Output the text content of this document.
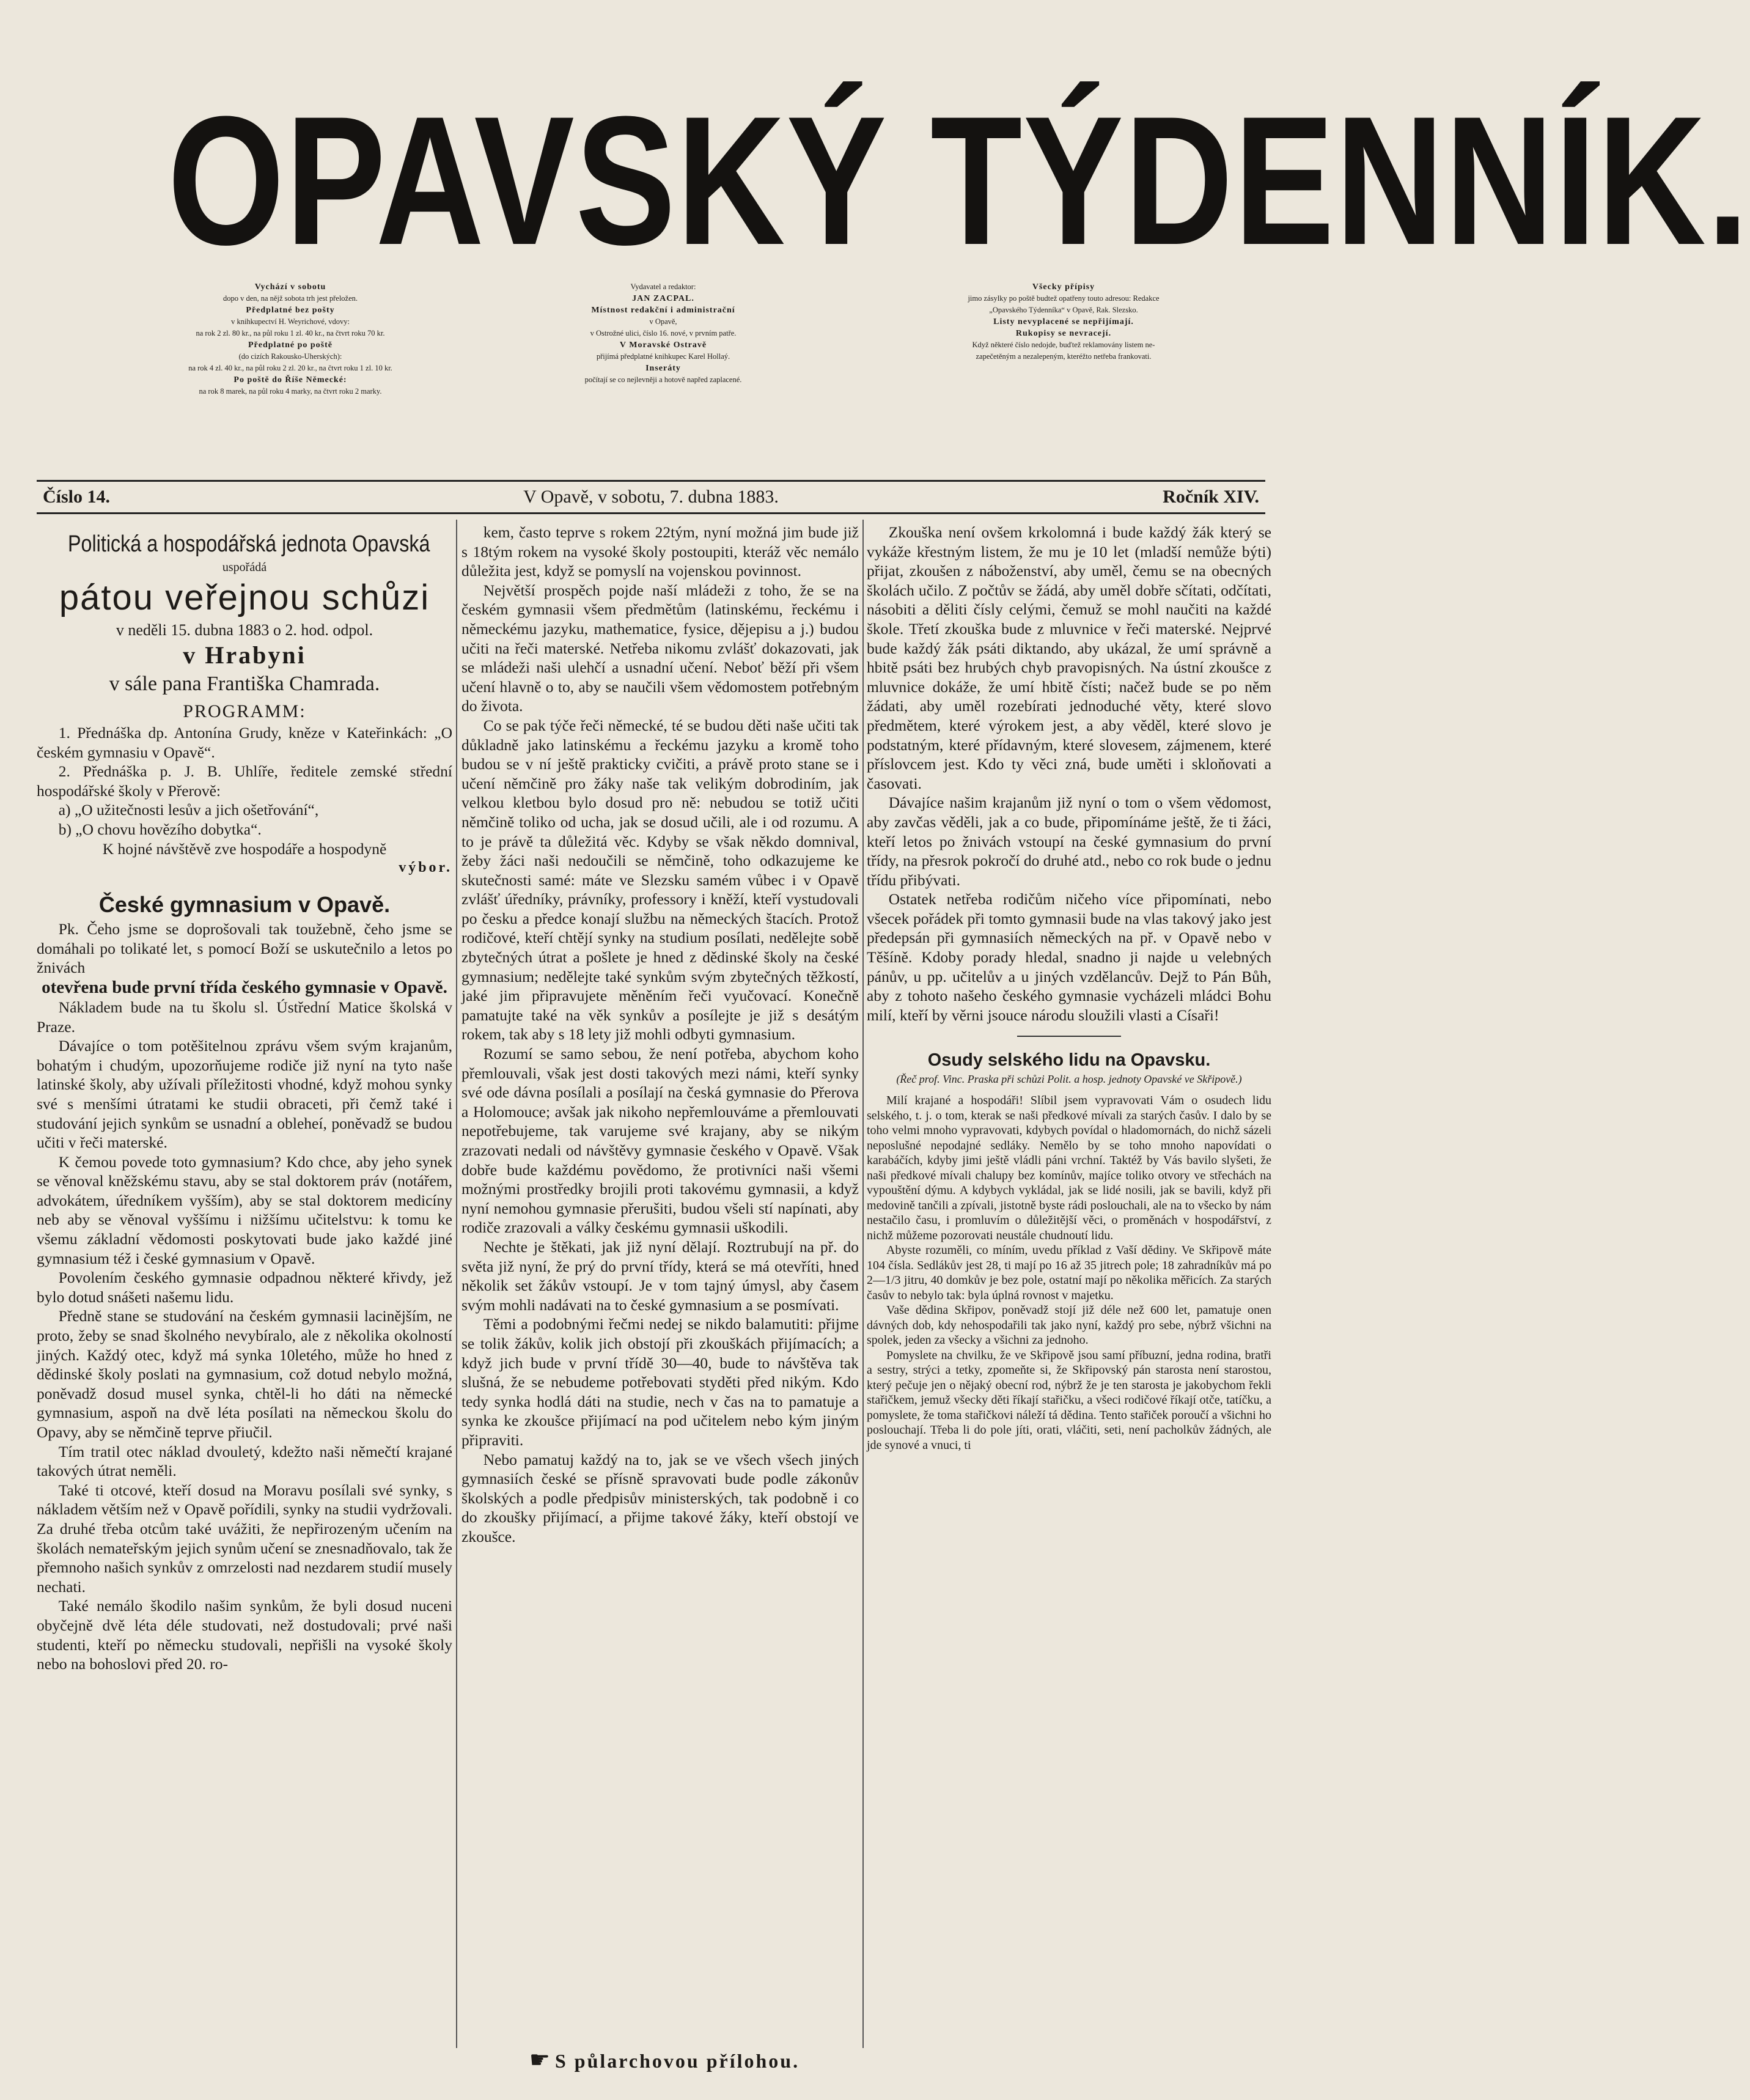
OPAVSKÝ TÝDENNÍK.
Vychází v sobotu
dopo v den, na nějž sobota trh jest přeložen.
Předplatné bez pošty
v knihkupectví H. Weyrichové, vdovy:
na rok 2 zl. 80 kr., na půl roku 1 zl. 40 kr., na čtvrt roku 70 kr.
Předplatné po poště
(do cizích Rakousko-Uherských):
na rok 4 zl. 40 kr., na půl roku 2 zl. 20 kr., na čtvrt roku 1 zl. 10 kr.
Po poště do Říše Německé:
na rok 8 marek, na půl roku 4 marky, na čtvrt roku 2 marky.
Vydavatel a redaktor:
JAN ZACPAL.
Místnost redakční i administrační
v Opavě,
v Ostrožné ulici, číslo 16. nové, v prvním patře.
V Moravské Ostravě
přijímá předplatné knihkupec Karel Hollaý.
Inseráty
počítají se co nejlevněji a hotově napřed zaplacené.
Všecky přípisy
jimo zásylky po poště budtež opatřeny touto adresou: Redakce
„Opavského Týdenníka“ v Opavě, Rak. Slezsko.
Listy nevyplacené se nepřijímají.
Rukopisy se nevracejí.
Když některé číslo nedojde, buďtež reklamovány listem ne-
zapečetěným a nezalepeným, kteréžto netřeba frankovati.
Číslo 14.	V Opavě, v sobotu, 7. dubna 1883.	Ročník XIV.
Politická a hospodářská jednota Opavská
uspořádá
pátou veřejnou schůzi
v neděli 15. dubna 1883 o 2. hod. odpol.
v Hrabyni
v sále pana Františka Chamrada.
PROGRAMM:

1. Přednáška dp. Antonína Grudy, kněze v Kateřinkách: „O českém gymnasiu v Opavě“.

2. Přednáška p. J. B. Uhlíře, ředitele zemské střední hospodářské školy v Přerově:

a) „O užitečnosti lesův a jich ošetřování“,

b) „O chovu hovězího dobytka“.

K hojné návštěvě zve hospodáře a hospodyně

výbor.
České gymnasium v Opavě.

Pk. Čeho jsme se doprošovali tak toužebně, čeho jsme se domáhali po tolikaté let, s pomocí Boží se uskutečnilo a letos po žnivách

otevřena bude první třída českého gymnasie v Opavě.

Nákladem bude na tu školu sl. Ústřední Matice školská v Praze.

Dávajíce o tom potěšitelnou zprávu všem svým krajanům, bohatým i chudým, upozorňujeme rodiče již nyní na tyto naše latinské školy, aby užívali příležitosti vhodné, když mohou synky své s menšími útratami ke studii obraceti, při čemž také i studování jejich synkům se usnadní a obleheí, poněvadž se budou učiti v řeči materské.

K čemou povede toto gymnasium? Kdo chce, aby jeho synek se věnoval kněžskému stavu, aby se stal doktorem práv (notářem, advokátem, úředníkem vyšším), aby se stal doktorem medicíny neb aby se věnoval vyššímu i nižšímu učitelstvu: k tomu ke všemu základní vědomosti poskytovati bude jako každé jiné gymnasium též i české gymnasium v Opavě.

Povolením českého gymnasie odpadnou některé křivdy, jež bylo dotud snášeti našemu lidu.

Předně stane se studování na českém gymnasii lacinějším, ne proto, žeby se snad školného nevybíralo, ale z několika okolností jiných. Každý otec, když má synka 10letého, může ho hned z dědinské školy poslati na gymnasium, což dotud nebylo možná, poněvadž dosud musel synka, chtěl-li ho dáti na německé gymnasium, aspoň na dvě léta posílati na německou školu do Opavy, aby se němčině teprve přiučil.

Tím tratil otec náklad dvouletý, kdežto naši němečtí krajané takových útrat neměli.

Také ti otcové, kteří dosud na Moravu posílali své synky, s nákladem větším než v Opavě pořídili, synky na studii vydržovali. Za druhé třeba otcům také uvážiti, že nepřirozeným učením na školách nemateřským jejich synům učení se znesnadňovalo, tak že přemnoho našich synkův z omrzelosti nad nezdarem studií musely nechati.

Také nemálo škodilo našim synkům, že byli dosud nuceni obyčejně dvě léta déle studovati, než dostudovali; prvé naši studenti, kteří po německu studovali, nepřišli na vysoké školy nebo na bohoslovi před 20. ro-

kem, často teprve s rokem 22tým, nyní možná jim bude již s 18tým rokem na vysoké školy postoupiti, kteráž věc nemálo důležita jest, když se pomyslí na vojenskou povinnost.

Největší prospěch pojde naší mládeži z toho, že se na českém gymnasii všem předmětům (latinskému, řeckému i německému jazyku, mathematice, fysice, dějepisu a j.) budou učiti na řeči materské. Netřeba nikomu zvlášť dokazovati, jak se mládeži naši ulehčí a usnadní učení. Neboť běží při všem učení hlavně o to, aby se naučili všem vědomostem potřebným do života.

Co se pak týče řeči německé, té se budou děti naše učiti tak důkladně jako latinskému a řeckému jazyku a kromě toho budou se v ní ještě prakticky cvičiti, a právě proto stane se i učení němčině pro žáky naše tak velikým dobrodiním, jak velkou kletbou bylo dosud pro ně: nebudou se totiž učiti němčině toliko od ucha, jak se dosud učili, ale i od rozumu. A to je právě ta důležitá věc. Kdyby se však někdo domnival, žeby žáci naši nedoučili se němčině, toho odkazujeme ke skutečnosti samé: máte ve Slezsku samém vůbec i v Opavě zvlášť úředníky, právníky, professory i kněží, kteří vystudovali po česku a předce konají službu na německých štacích. Protož rodičové, kteří chtějí synky na studium posílati, nedělejte sobě zbytečných útrat a pošlete je hned z dědinské školy na české gymnasium; nedělejte také synkům svým zbytečných těžkostí, jaké jim připravujete měněním řeči vyučovací. Konečně pamatujte také na věk synkův a posílejte je již s desátým rokem, tak aby s 18 lety již mohli odbyti gymnasium.

Rozumí se samo sebou, že není potřeba, abychom koho přemlouvali, však jest dosti takových mezi námi, kteří synky své ode dávna posílali a posílají na česká gymnasie do Přerova a Holomouce; avšak jak nikoho nepřemlouváme a přemlouvati nepotřebujeme, tak varujeme své krajany, aby se nikým zrazovati nedali od návštěvy gymnasie českého v Opavě. Však dobře bude každému povědomo, že protivníci naši všemi možnými prostředky brojili proti takovému gymnasii, a když nyní nemohou gymnasie přerušiti, budou všeli stí napínati, aby rodiče zrazovali a války českému gymnasii uškodili.

Nechte je štěkati, jak již nyní dělají. Roztrubují na př. do světa již nyní, že prý do první třídy, která se má otevříti, hned několik set žákův vstoupí. Je v tom tajný úmysl, aby časem svým mohli nadávati na to české gymnasium a se posmívati.

Těmi a podobnými řečmi nedej se nikdo balamutiti: přijme se tolik žákův, kolik jich obstojí při zkouškách přijímacích; a když jich bude v první třídě 30—40, bude to návštěva tak slušná, že se nebudeme potřebovati styděti před nikým. Kdo tedy synka hodlá dáti na studie, nech v čas na to pamatuje a synka ke zkoušce přijímací na pod učitelem nebo kým jiným připraviti.

Nebo pamatuj každý na to, jak se ve všech všech jiných gymnasiích české se přísně spravovati bude podle zákonův školských a podle předpisův ministerských, tak podobně i co do zkoušky přijímací, a přijme takové žáky, kteří obstojí ve zkoušce.

Zkouška není ovšem krkolomná i bude každý žák který se vykáže křestným listem, že mu je 10 let (mladší nemůže býti) přijat, zkoušen z náboženství, aby uměl, čemu se na obecných školách učilo. Z počtův se žádá, aby uměl dobře sčítati, odčítati, násobiti a děliti čísly celými, čemuž se mohl naučiti na každé škole. Třetí zkouška bude z mluvnice v řeči materské. Nejprvé bude každý žák psáti diktando, aby ukázal, že umí správně a hbitě psáti bez hrubých chyb pravopisných. Na ústní zkoušce z mluvnice dokáže, že umí hbitě čísti; načež bude se po něm žádati, aby uměl rozebírati jednoduché věty, které slovo předmětem, které výrokem jest, a aby věděl, které slovo je podstatným, které přídavným, které slovesem, zájmenem, které příslovcem jest. Kdo ty věci zná, bude uměti i skloňovati a časovati.

Dávajíce našim krajanům již nyní o tom o všem vědomost, aby zavčas věděli, jak a co bude, připomínáme ještě, že ti žáci, kteří letos po žnivách vstoupí na české gymnasium do první třídy, na přesrok pokročí do druhé atd., nebo co rok bude o jednu třídu přibývati.

Ostatek netřeba rodičům ničeho více připomínati, nebo všecek pořádek při tomto gymnasii bude na vlas takový jako jest předepsán při gymnasiích německých na př. v Opavě nebo v Těšíně. Kdoby porady hledal, snadno ji najde u velebných pánův, u pp. učitelův a u jiných vzdělancův. Dejž to Pán Bůh, aby z tohoto našeho českého gymnasie vycházeli mládci Bohu milí, kteří by věrni jsouce národu sloužili vlasti a Císaři!

Osudy selského lidu na Opavsku.
(Řeč prof. Vinc. Praska při schůzi Polit. a hosp. jednoty Opavské ve Skřipově.)

Milí krajané a hospodáři! Slíbil jsem vypravovati Vám o osudech lidu selského, t. j. o tom, kterak se naši předkové mívali za starých časův. I dalo by se toho velmi mnoho vypravovati, kdybych povídal o hladomornách, do nichž sázeli neposlušné nepodajné sedláky. Nemělo by se toho mnoho napovídati o karabáčích, kdyby jimi ještě vládli páni vrchní. Taktéž by Vás bavilo slyšeti, že naši předkové mívali chalupy bez komínův, majíce toliko otvory ve střechách na vypouštění dýmu. A kdybych vykládal, jak se lidé nosili, jak se bavili, když při medovině tančili a zpívali, jistotně byste rádi poslouchali, ale na to všecko by nám nestačilo času, i promluvím o důležitější věci, o proměnách v hospodářství, z nichž můžeme pozorovati neustále chudnoutí lidu.

Abyste rozuměli, co míním, uvedu příklad z Vaší dědiny. Ve Skřipově máte 104 čísla. Sedlákův jest 28, ti mají po 16 až 35 jitrech pole; 18 zahradníkův má po 2—1/3 jitru, 40 domkův je bez pole, ostatní mají po několika měřicích. Za starých časův to nebylo tak: byla úplná rovnost v majetku.

Vaše dědina Skřipov, poněvadž stojí již déle než 600 let, pamatuje onen dávných dob, kdy nehospodařili tak jako nyní, každý pro sebe, nýbrž všichni na spolek, jeden za všecky a všichni za jednoho.

Pomyslete na chvilku, že ve Skřipově jsou samí příbuzní, jedna rodina, bratři a sestry, strýci a tetky, zpomeňte si, že Skřipovský pán starosta není starostou, který pečuje jen o nějaký obecní rod, nýbrž že je ten starosta je jakobychom řekli stařičkem, jemuž všecky děti říkají stařičku, a všeci rodičové říkají otče, tatíčku, a pomyslete, že toma stařičkovi náleží tá dědina. Tento stařiček poroučí a všichni ho poslouchají. Třeba li do pole jíti, orati, vláčiti, seti, není pacholkův žádných, ale jde synové a vnuci, ti

☛ S půlarchovou přílohou.
